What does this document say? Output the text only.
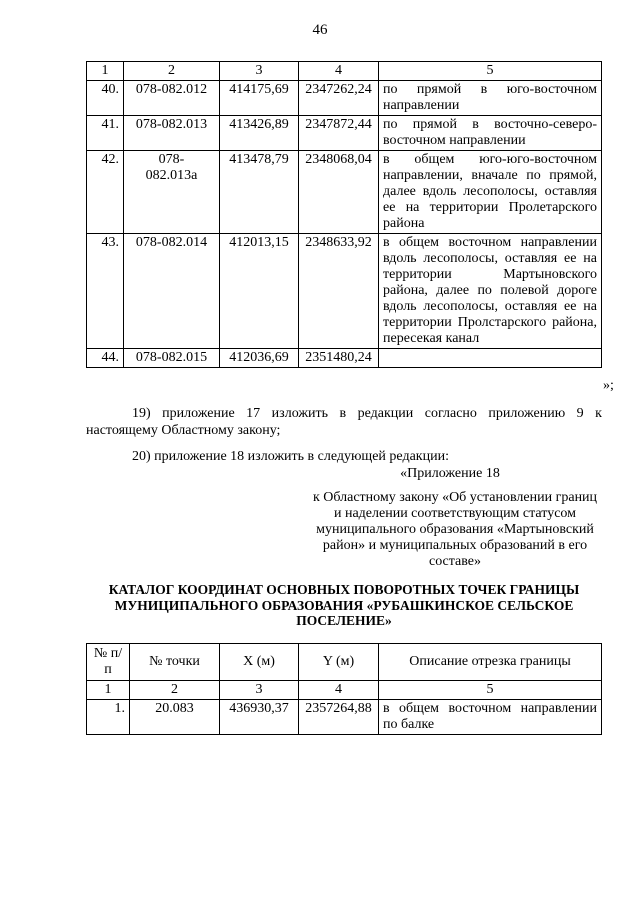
46
1	2	3	4	5
40.	078-082.012	414175,69	2347262,24	по прямой в юго-восточном направлении
41.	078-082.013	413426,89	2347872,44	по прямой в восточно-северо-восточном направлении
42.	078-082.013а	413478,79	2348068,04	в общем юго-юго-восточном направлении, вначале по прямой, далее вдоль лесополосы, оставляя ее на территории Пролетарского района
43.	078-082.014	412013,15	2348633,92	в общем восточном направлении вдоль лесополосы, оставляя ее на территории Мартыновского района, далее по полевой дороге вдоль лесополосы, оставляя ее на территории Пролстарского района, пересекая канал
44.	078-082.015	412036,69	2351480,24	
»;
19) приложение 17 изложить в редакции согласно приложению 9 к настоящему Областному закону;
20) приложение 18 изложить в следующей редакции:
«Приложение 18
к Областному закону «Об установлении границ и наделении соответствующим статусом муниципального образования «Мартыновский район» и муниципальных образований в его составе»
КАТАЛОГ КООРДИНАТ ОСНОВНЫХ ПОВОРОТНЫХ ТОЧЕК ГРАНИЦЫ МУНИЦИПАЛЬНОГО ОБРАЗОВАНИЯ «РУБАШКИНСКОЕ СЕЛЬСКОЕ ПОСЕЛЕНИЕ»
№ п/п	№ точки	X (м)	Y (м)	Описание отрезка границы
1	2	3	4	5
1.	20.083	436930,37	2357264,88	в общем восточном направлении по балке
